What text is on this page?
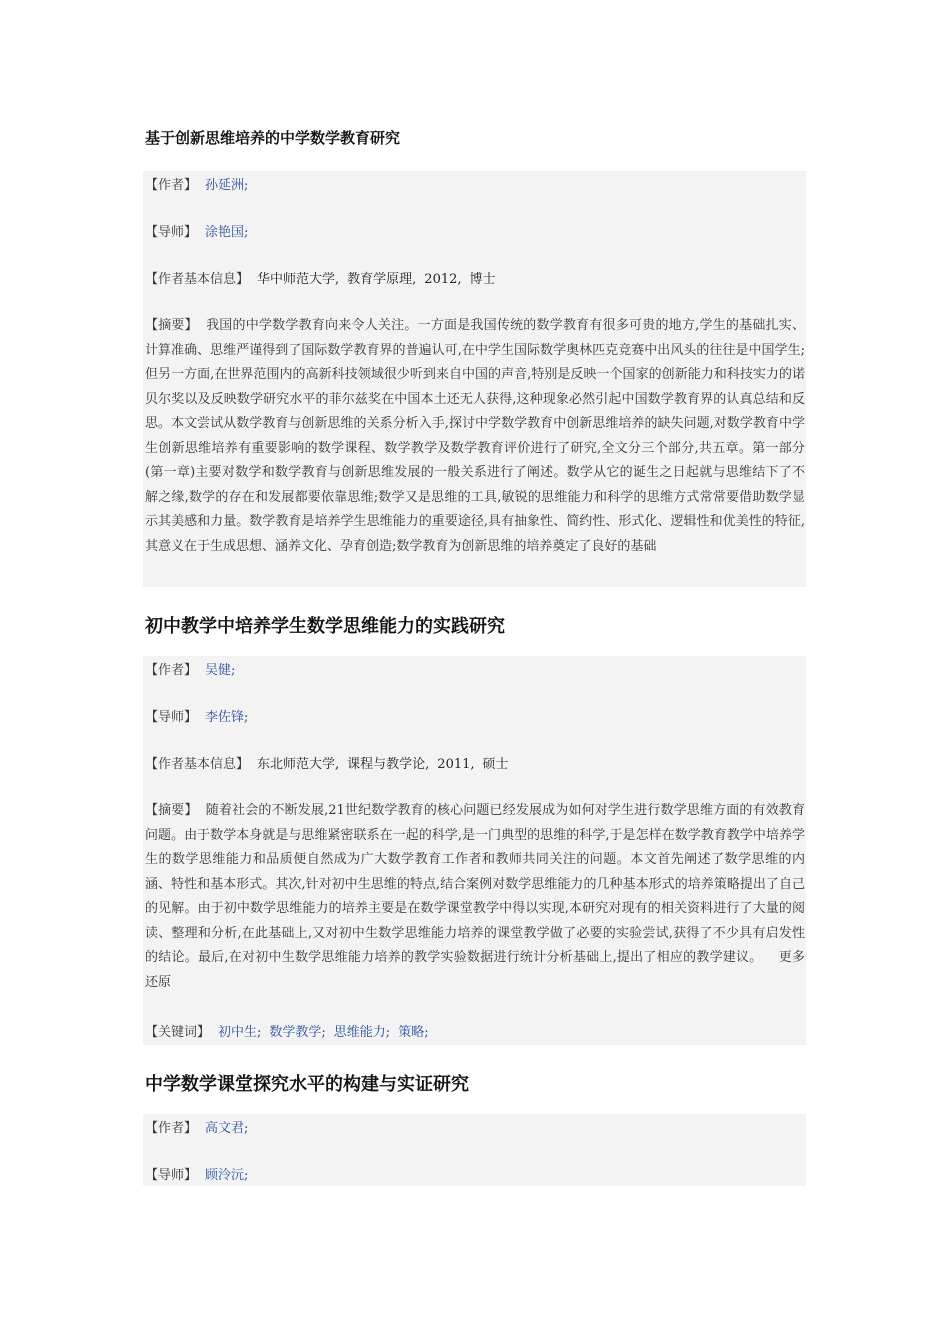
基于创新思维培养的中学数学教育研究
【作者】 孙延洲;
【导师】 涂艳国;
【作者基本信息】 华中师范大学, 教育学原理, 2012, 博士
【摘要】 我国的中学数学教育向来令人关注。一方面是我国传统的数学教育有很多可贵的地方,学生的基础扎实、计算准确、思维严谨得到了国际数学教育界的普遍认可,在中学生国际数学奥林匹克竞赛中出风头的往往是中国学生;但另一方面,在世界范围内的高新科技领域很少听到来自中国的声音,特别是反映一个国家的创新能力和科技实力的诺贝尔奖以及反映数学研究水平的菲尔兹奖在中国本土还无人获得,这种现象必然引起中国数学教育界的认真总结和反思。本文尝试从数学教育与创新思维的关系分析入手,探讨中学数学教育中创新思维培养的缺失问题,对数学教育中学生创新思维培养有重要影响的数学课程、数学教学及数学教育评价进行了研究,全文分三个部分,共五章。第一部分(第一章)主要对数学和数学教育与创新思维发展的一般关系进行了阐述。数学从它的诞生之日起就与思维结下了不解之缘,数学的存在和发展都要依靠思维;数学又是思维的工具,敏锐的思维能力和科学的思维方式常常要借助数学显示其美感和力量。数学教育是培养学生思维能力的重要途径,具有抽象性、简约性、形式化、逻辑性和优美性的特征,其意义在于生成思想、涵养文化、孕育创造;数学教育为创新思维的培养奠定了良好的基础
初中教学中培养学生数学思维能力的实践研究
【作者】 吴健;
【导师】 李佐锋;
【作者基本信息】 东北师范大学, 课程与教学论, 2011, 硕士
【摘要】 随着社会的不断发展,21世纪数学教育的核心问题已经发展成为如何对学生进行数学思维方面的有效教育问题。由于数学本身就是与思维紧密联系在一起的科学,是一门典型的思维的科学,于是怎样在数学教育教学中培养学生的数学思维能力和品质便自然成为广大数学教育工作者和教师共同关注的问题。本文首先阐述了数学思维的内涵、特性和基本形式。其次,针对初中生思维的特点,结合案例对数学思维能力的几种基本形式的培养策略提出了自己的见解。由于初中数学思维能力的培养主要是在数学课堂教学中得以实现,本研究对现有的相关资料进行了大量的阅读、整理和分析,在此基础上,又对初中生数学思维能力培养的课堂教学做了必要的实验尝试,获得了不少具有启发性的结论。最后,在对初中生数学思维能力培养的教学实验数据进行统计分析基础上,提出了相应的教学建议。 更多还原
【关键词】 初中生; 数学教学; 思维能力; 策略;
中学数学课堂探究水平的构建与实证研究
【作者】 高文君;
【导师】 顾泠沅;
